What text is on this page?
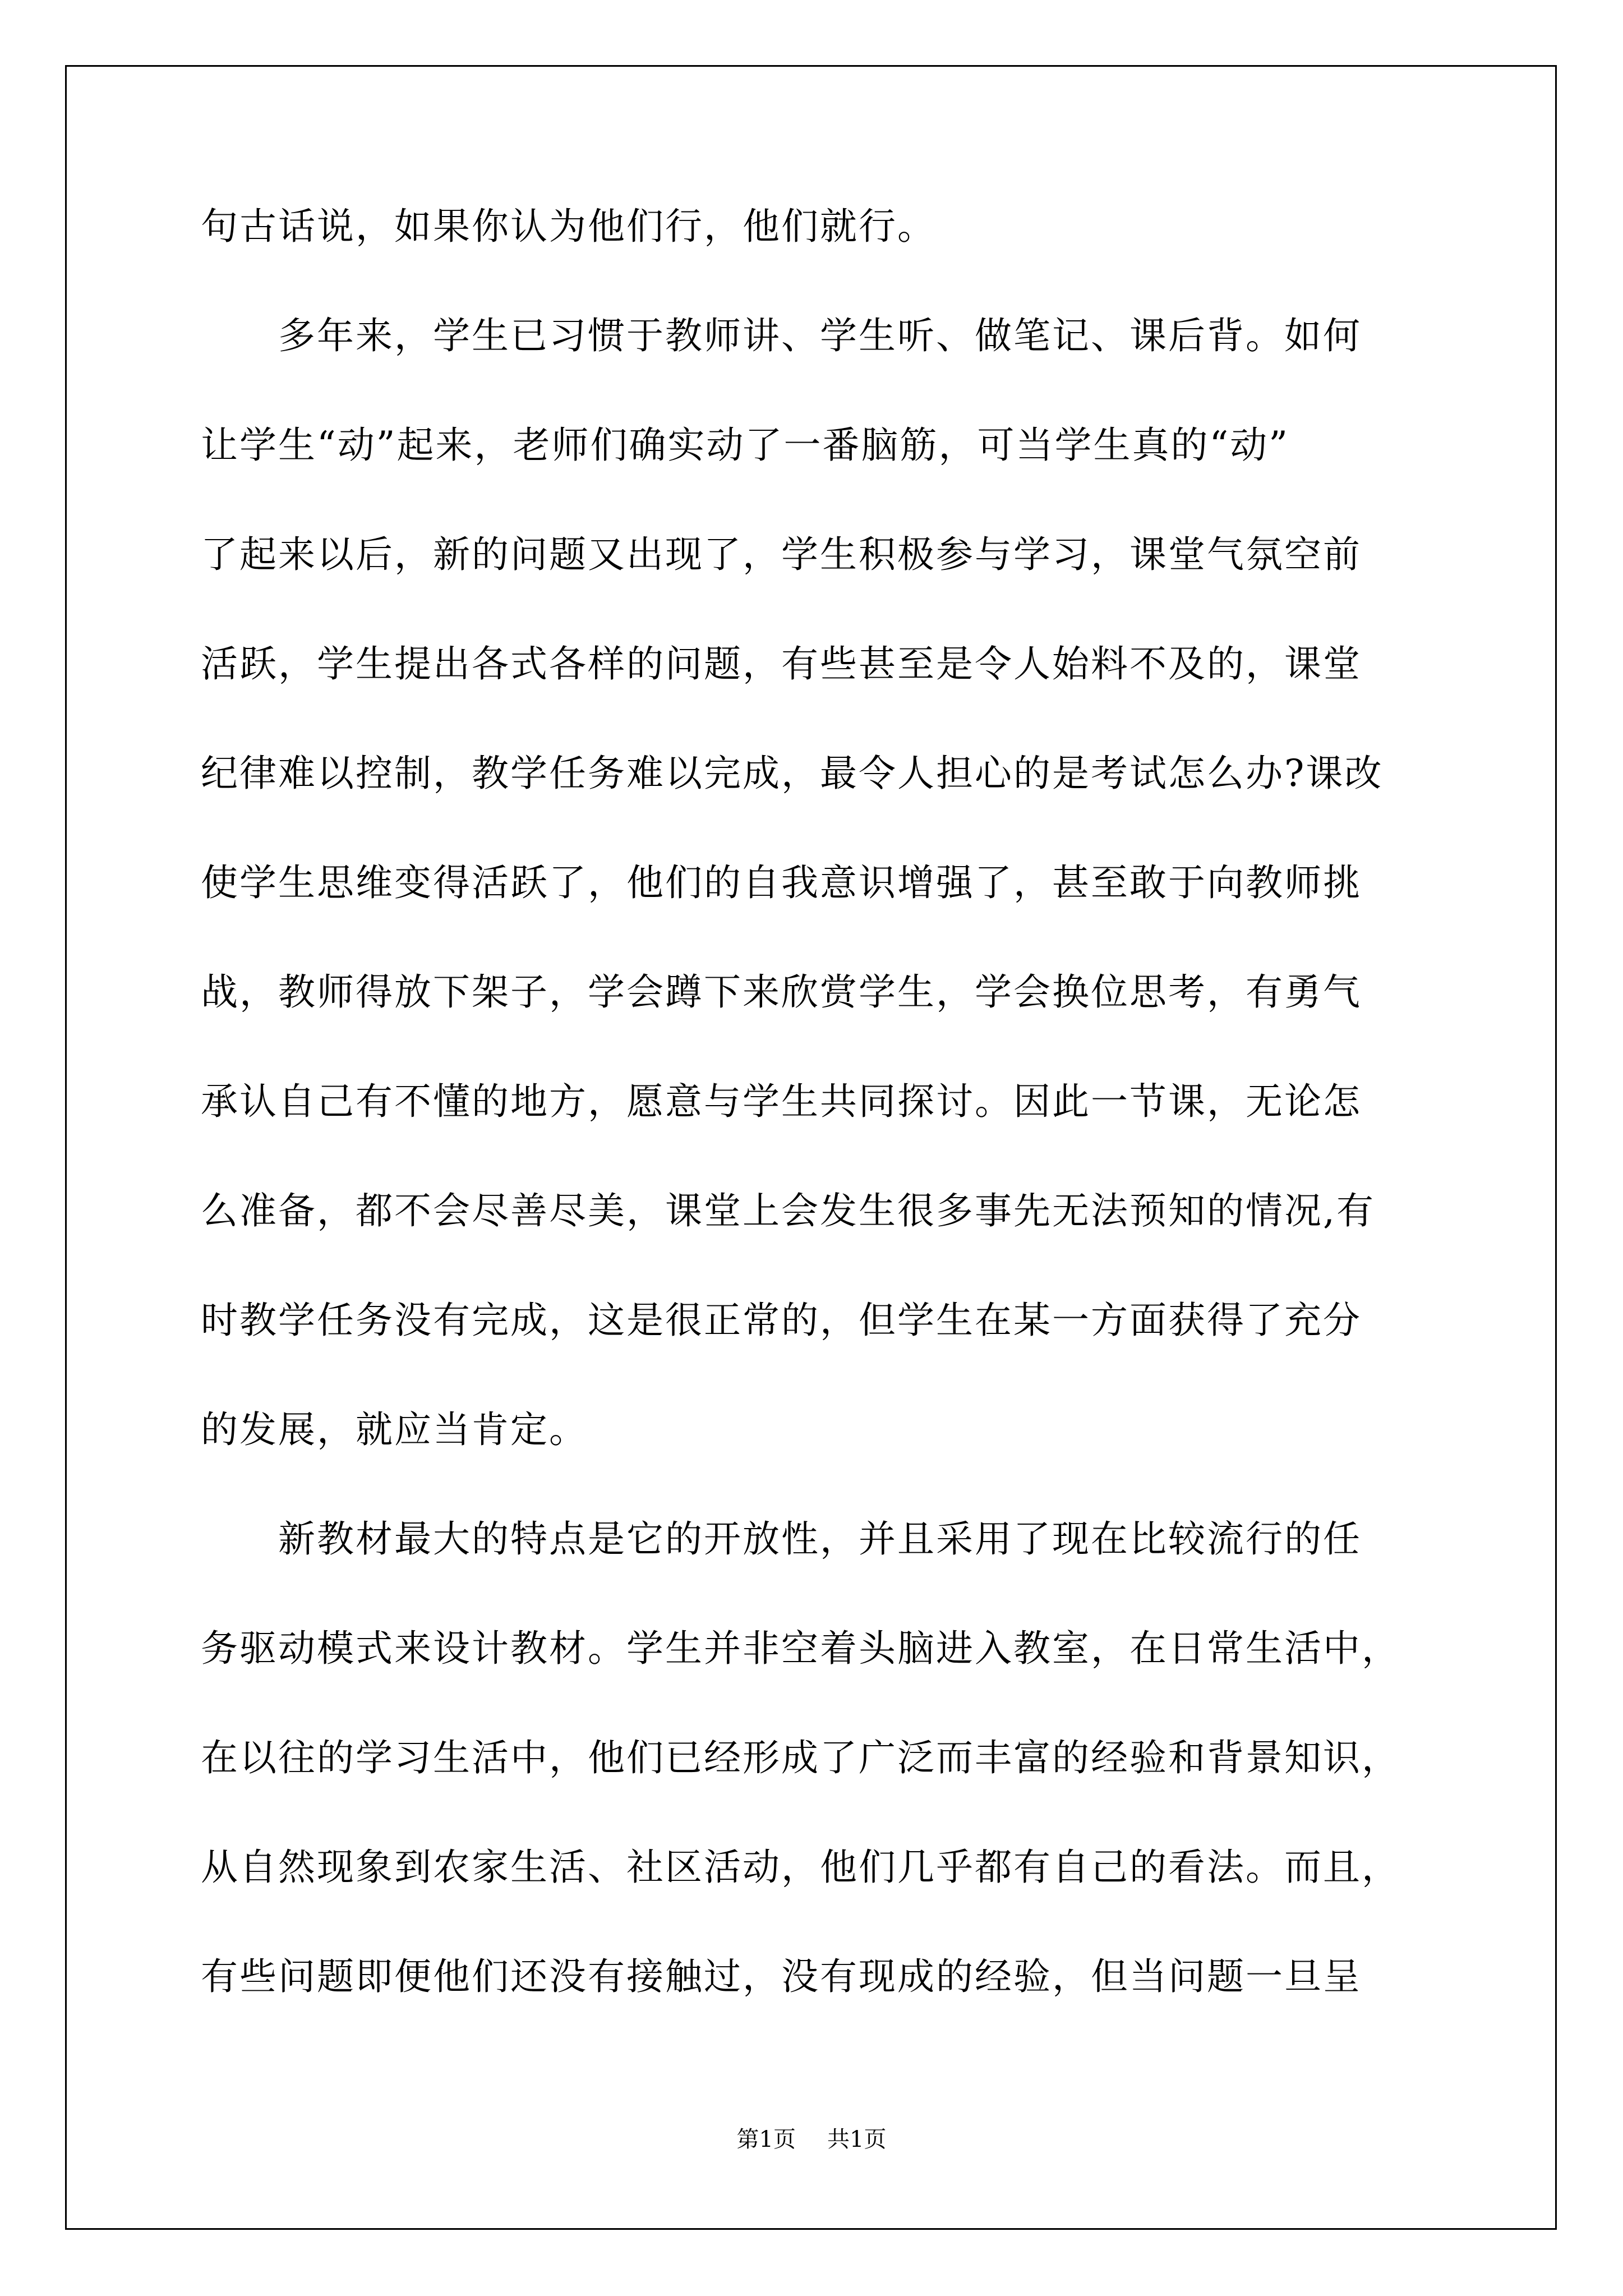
句古话说，如果你认为他们行，他们就行。
　　多年来，学生已习惯于教师讲、学生听、做笔记、课后背。如何
让学生“动”起来，老师们确实动了一番脑筋，可当学生真的“动”
了起来以后，新的问题又出现了，学生积极参与学习，课堂气氛空前
活跃，学生提出各式各样的问题，有些甚至是令人始料不及的，课堂
纪律难以控制，教学任务难以完成，最令人担心的是考试怎么办?课改
使学生思维变得活跃了，他们的自我意识增强了，甚至敢于向教师挑
战，教师得放下架子，学会蹲下来欣赏学生，学会换位思考，有勇气
承认自己有不懂的地方，愿意与学生共同探讨。因此一节课，无论怎
么准备，都不会尽善尽美，课堂上会发生很多事先无法预知的情况,有
时教学任务没有完成，这是很正常的，但学生在某一方面获得了充分
的发展，就应当肯定。
　　新教材最大的特点是它的开放性，并且采用了现在比较流行的任
务驱动模式来设计教材。学生并非空着头脑进入教室，在日常生活中，
在以往的学习生活中，他们已经形成了广泛而丰富的经验和背景知识，
从自然现象到农家生活、社区活动，他们几乎都有自己的看法。而且，
有些问题即便他们还没有接触过，没有现成的经验，但当问题一旦呈
第1页 共1页
